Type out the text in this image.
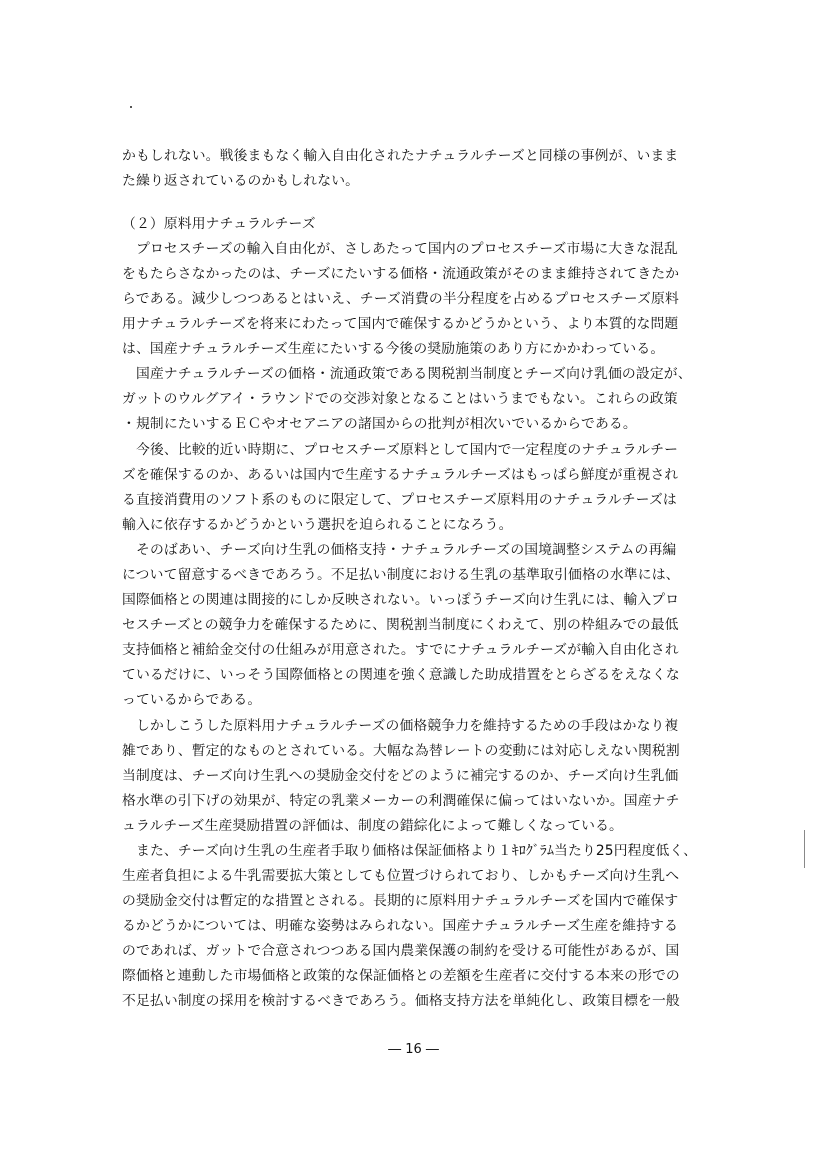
かもしれない。戦後まもなく輸入自由化されたナチュラルチーズと同様の事例が、いまま
た繰り返されているのかもしれない。
（２）原料用ナチュラルチーズ
プロセスチーズの輸入自由化が、さしあたって国内のプロセスチーズ市場に大きな混乱
をもたらさなかったのは、チーズにたいする価格・流通政策がそのまま維持されてきたか
らである。減少しつつあるとはいえ、チーズ消費の半分程度を占めるプロセスチーズ原料
用ナチュラルチーズを将来にわたって国内で確保するかどうかという、より本質的な問題
は、国産ナチュラルチーズ生産にたいする今後の奨励施策のあり方にかかわっている。
国産ナチュラルチーズの価格・流通政策である関税割当制度とチーズ向け乳価の設定が、
ガットのウルグアイ・ラウンドでの交渉対象となることはいうまでもない。これらの政策
・規制にたいするＥＣやオセアニアの諸国からの批判が相次いでいるからである。
今後、比較的近い時期に、プロセスチーズ原料として国内で一定程度のナチュラルチー
ズを確保するのか、あるいは国内で生産するナチュラルチーズはもっぱら鮮度が重視され
る直接消費用のソフト系のものに限定して、プロセスチーズ原料用のナチュラルチーズは
輸入に依存するかどうかという選択を迫られることになろう。
そのばあい、チーズ向け生乳の価格支持・ナチュラルチーズの国境調整システムの再編
について留意するべきであろう。不足払い制度における生乳の基準取引価格の水準には、
国際価格との関連は間接的にしか反映されない。いっぽうチーズ向け生乳には、輸入プロ
セスチーズとの競争力を確保するために、関税割当制度にくわえて、別の枠組みでの最低
支持価格と補給金交付の仕組みが用意された。すでにナチュラルチーズが輸入自由化され
ているだけに、いっそう国際価格との関連を強く意識した助成措置をとらざるをえなくな
っているからである。
しかしこうした原料用ナチュラルチーズの価格競争力を維持するための手段はかなり複
雑であり、暫定的なものとされている。大幅な為替レートの変動には対応しえない関税割
当制度は、チーズ向け生乳への奨励金交付をどのように補完するのか、チーズ向け生乳価
格水準の引下げの効果が、特定の乳業メーカーの利潤確保に偏ってはいないか。国産ナチ
ュラルチーズ生産奨励措置の評価は、制度の錯綜化によって難しくなっている。
また、チーズ向け生乳の生産者手取り価格は保証価格より１ｷﾛｸﾞﾗﾑ当たり25円程度低く、
生産者負担による牛乳需要拡大策としても位置づけられており、しかもチーズ向け生乳へ
の奨励金交付は暫定的な措置とされる。長期的に原料用ナチュラルチーズを国内で確保す
るかどうかについては、明確な姿勢はみられない。国産ナチュラルチーズ生産を維持する
のであれば、ガットで合意されつつある国内農業保護の制約を受ける可能性があるが、国
際価格と連動した市場価格と政策的な保証価格との差額を生産者に交付する本来の形での
不足払い制度の採用を検討するべきであろう。価格支持方法を単純化し、政策目標を一般
― 16 ―
